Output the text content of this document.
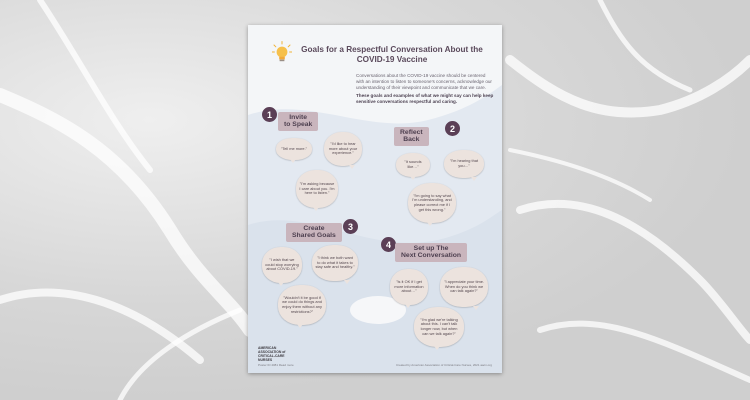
Goals for a Respectful Conversation About the COVID-19 Vaccine
Conversations about the COVID-19 vaccine should be centered with an intention to listen to someone's concerns, acknowledge our understanding of their viewpoint and communicate that we care.
These goals and examples of what we might say can help keep sensitive conversations respectful and caring.
1	Invite
to Speak
"Tell me more."
"I'd like to hear more about your experience."
"I'm asking because I care about you. I'm here to listen."
2
Reflect
Back
"It sounds like…"
"I'm hearing that you…"
"I'm going to say what I'm understanding, and please correct me if I get this wrong."
3
Create
Shared Goals
"I wish that we could stop worrying about COVID-19."
"I think we both want to do what it takes to stay safe and healthy."
"Wouldn't it be good if we could do things and enjoy them without any restrictions?"
4	Set up The
Next Conversation
"Is it OK if I get more information about…"
"I appreciate your time. When do you think we can talk again?"
"I'm glad we're talking about this. I can't talk longer now, but when can we talk again?"
AMERICAN ASSOCIATION of CRITICAL-CARE NURSES
Poster ID 4081 Read more	Created by American Association of Critical-Care Nurses, 2021 aacn.org
